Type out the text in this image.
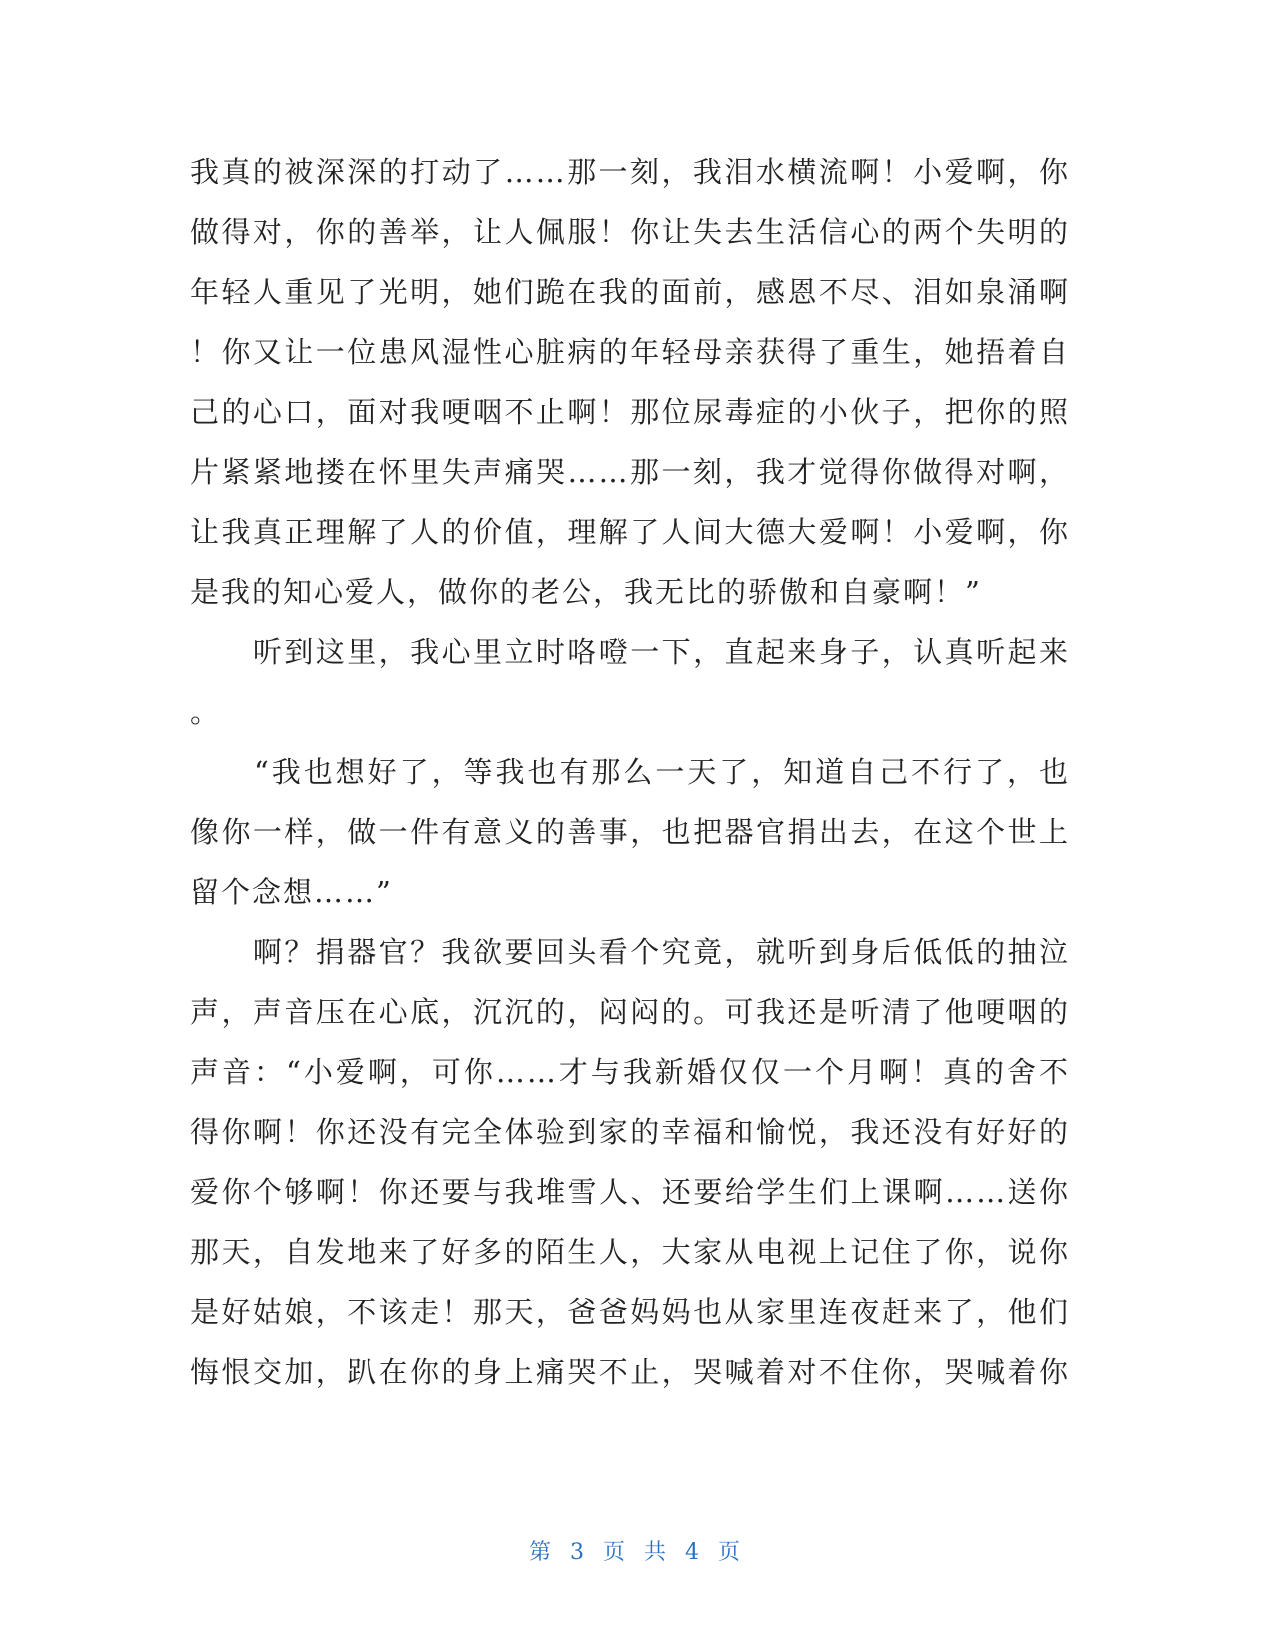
我真的被深深的打动了……那一刻，我泪水横流啊！小爱啊，你
做得对，你的善举，让人佩服！你让失去生活信心的两个失明的
年轻人重见了光明，她们跪在我的面前，感恩不尽、泪如泉涌啊
！你又让一位患风湿性心脏病的年轻母亲获得了重生，她捂着自
己的心口，面对我哽咽不止啊！那位尿毒症的小伙子，把你的照
片紧紧地搂在怀里失声痛哭……那一刻，我才觉得你做得对啊，
让我真正理解了人的价值，理解了人间大德大爱啊！小爱啊，你
是我的知心爱人，做你的老公，我无比的骄傲和自豪啊！”
　　听到这里，我心里立时咯噔一下，直起来身子，认真听起来
。
　　“我也想好了，等我也有那么一天了，知道自己不行了，也
像你一样，做一件有意义的善事，也把器官捐出去，在这个世上
留个念想……”
　　啊？捐器官？我欲要回头看个究竟，就听到身后低低的抽泣
声，声音压在心底，沉沉的，闷闷的。可我还是听清了他哽咽的
声音：“小爱啊，可你……才与我新婚仅仅一个月啊！真的舍不
得你啊！你还没有完全体验到家的幸福和愉悦，我还没有好好的
爱你个够啊！你还要与我堆雪人、还要给学生们上课啊……送你
那天，自发地来了好多的陌生人，大家从电视上记住了你，说你
是好姑娘，不该走！那天，爸爸妈妈也从家里连夜赶来了，他们
悔恨交加，趴在你的身上痛哭不止，哭喊着对不住你，哭喊着你
第 3 页 共 4 页
